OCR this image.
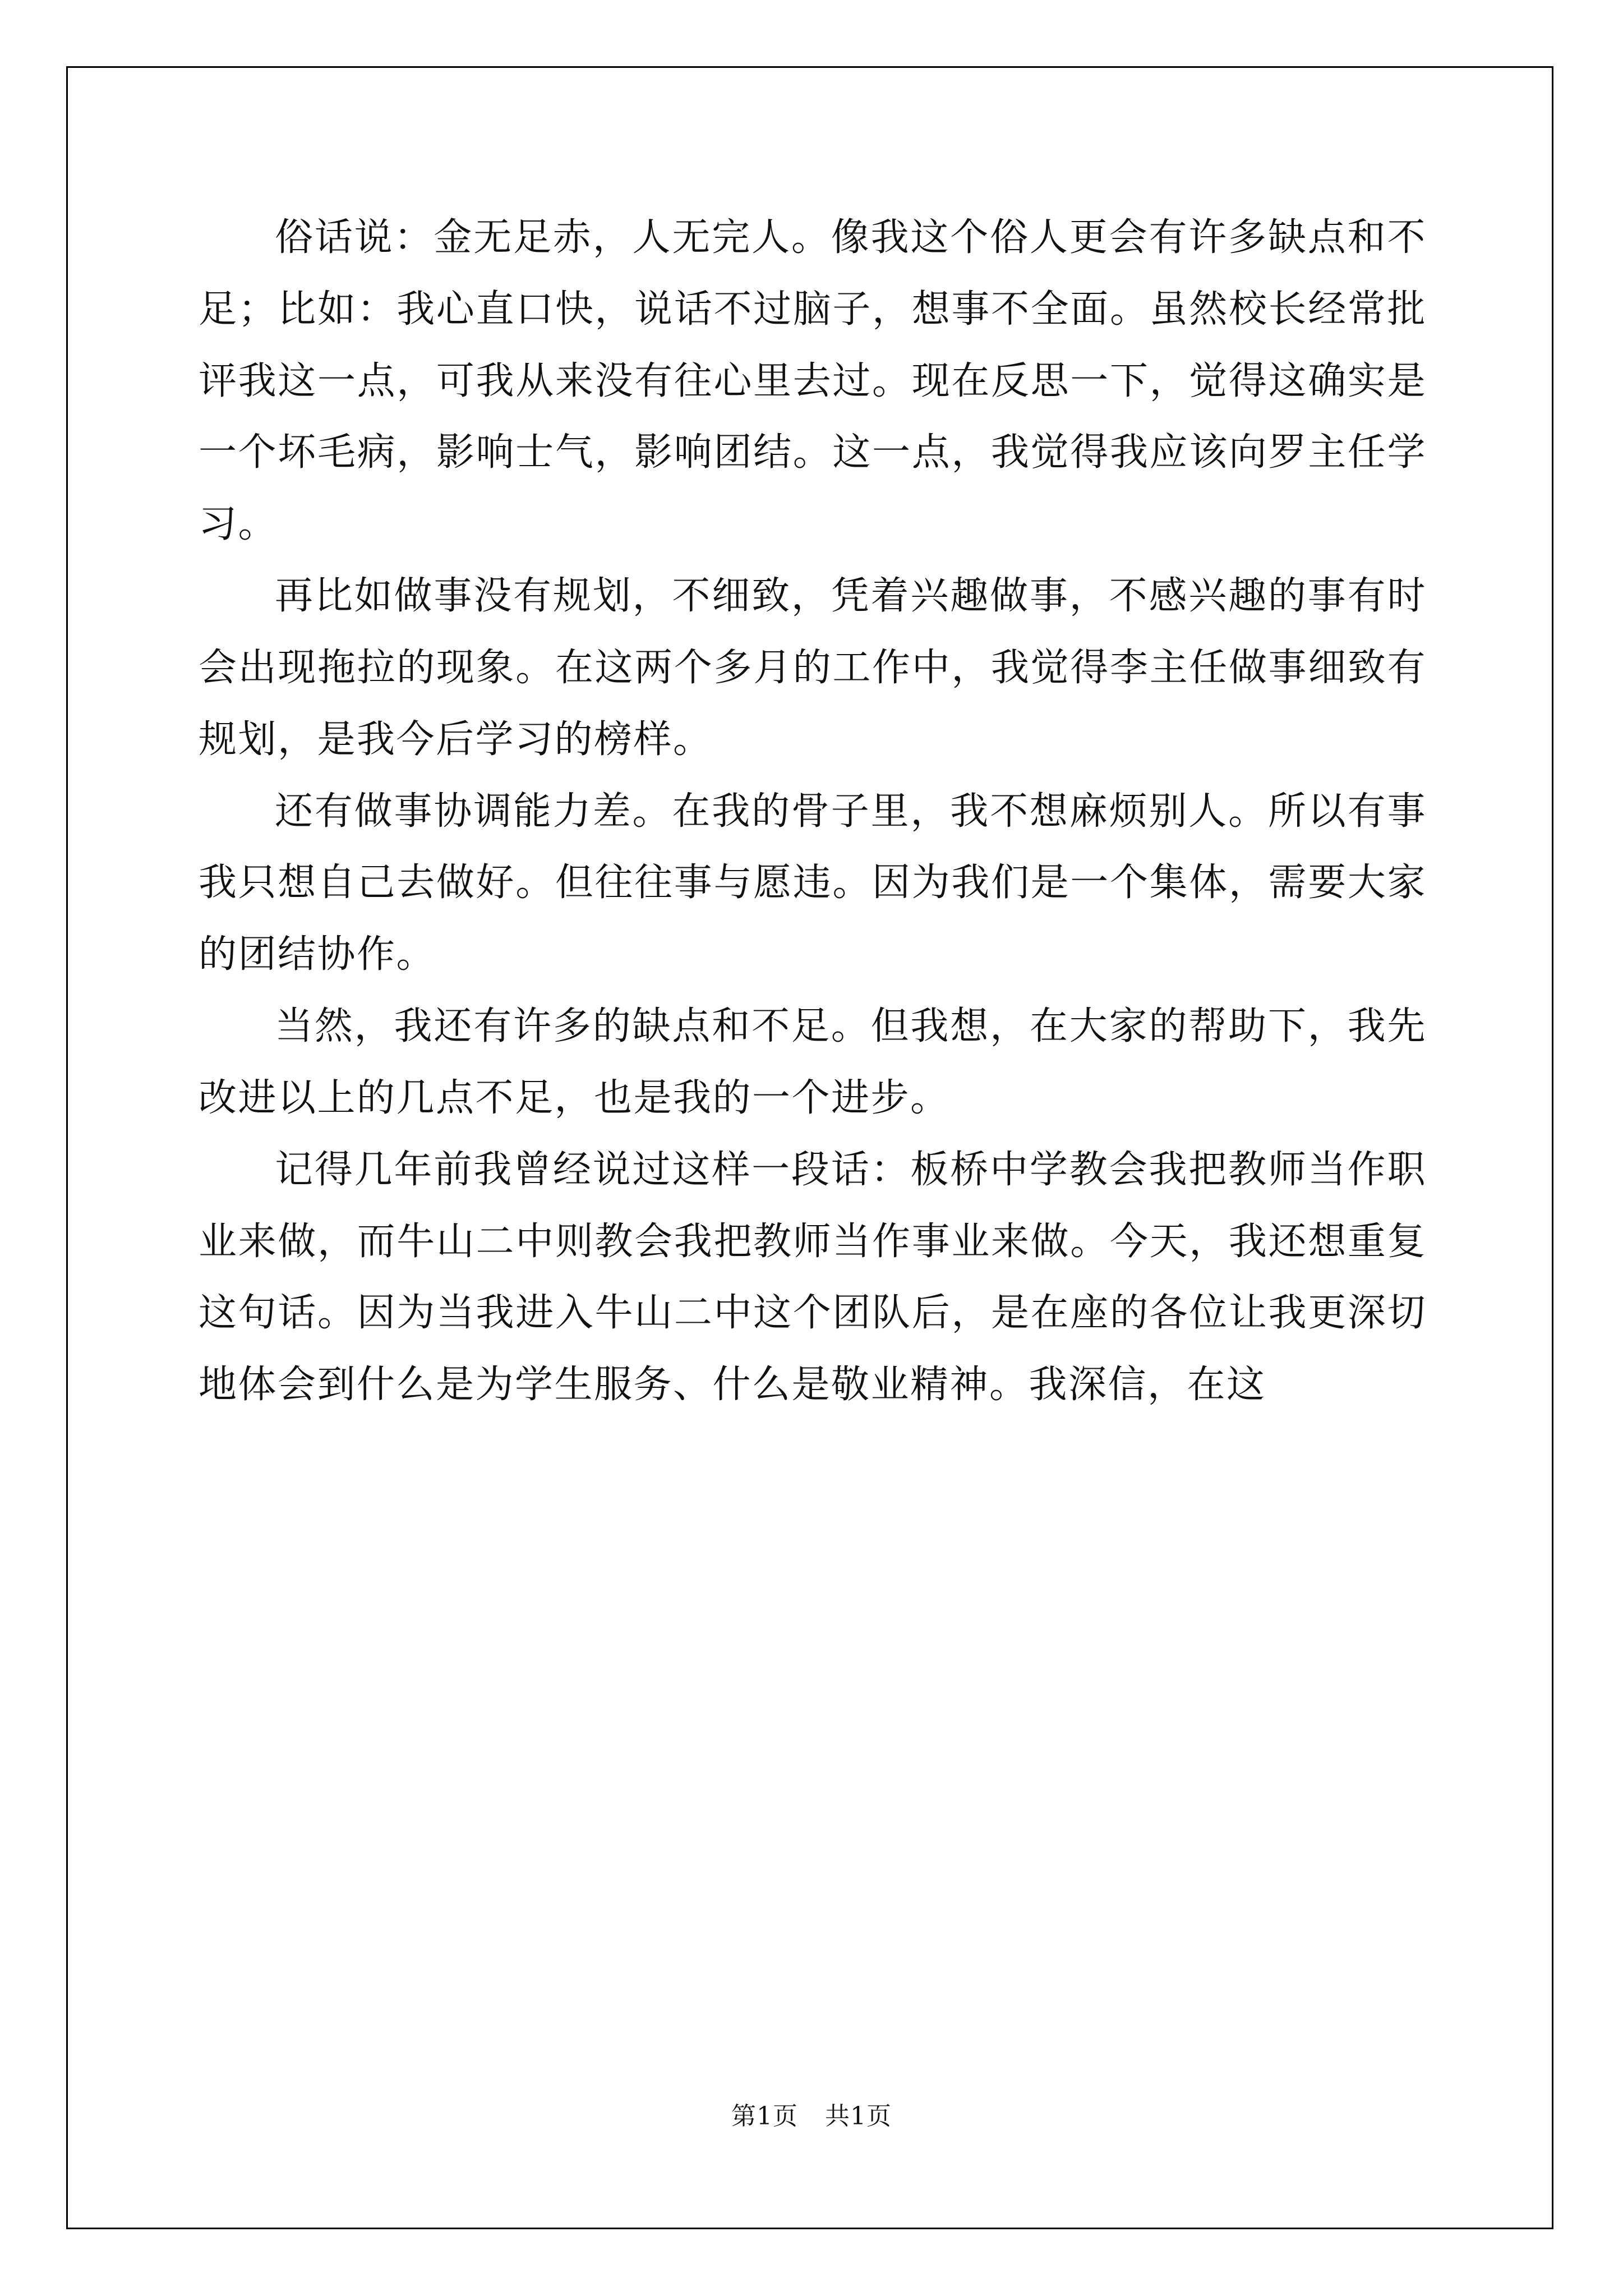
俗话说：金无足赤，人无完人。像我这个俗人更会有许多缺点和不足；比如：我心直口快，说话不过脑子，想事不全面。虽然校长经常批评我这一点，可我从来没有往心里去过。现在反思一下，觉得这确实是一个坏毛病，影响士气，影响团结。这一点，我觉得我应该向罗主任学习。

再比如做事没有规划，不细致，凭着兴趣做事，不感兴趣的事有时会出现拖拉的现象。在这两个多月的工作中，我觉得李主任做事细致有规划，是我今后学习的榜样。

还有做事协调能力差。在我的骨子里，我不想麻烦别人。所以有事我只想自己去做好。但往往事与愿违。因为我们是一个集体，需要大家的团结协作。

当然，我还有许多的缺点和不足。但我想，在大家的帮助下，我先改进以上的几点不足，也是我的一个进步。

记得几年前我曾经说过这样一段话：板桥中学教会我把教师当作职业来做，而牛山二中则教会我把教师当作事业来做。今天，我还想重复这句话。因为当我进入牛山二中这个团队后，是在座的各位让我更深切地体会到什么是为学生服务、什么是敬业精神。我深信，在这

第1页 共1页
